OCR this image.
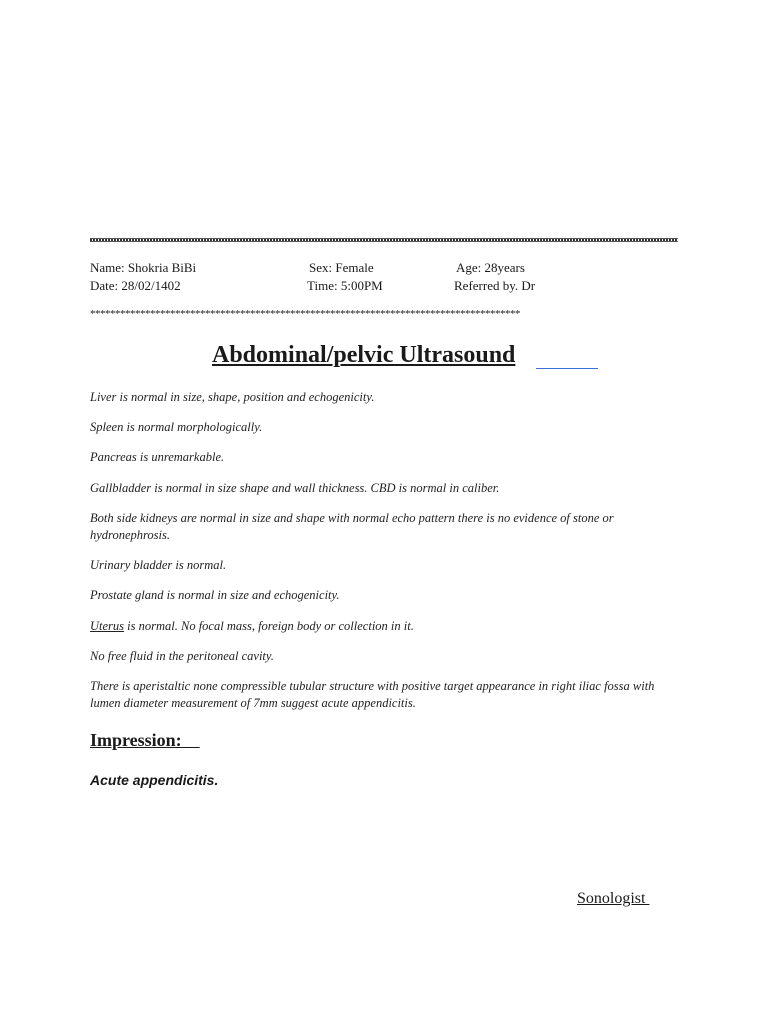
Name: Shokria BiBi	Sex: Female	Age: 28years
Date: 28/02/1402	Time: 5:00PM	Referred by. Dr
**************************************************************************************
Abdominal/pelvic Ultrasound
Liver is normal in size, shape, position and echogenicity.
Spleen is normal morphologically.
Pancreas is unremarkable.
Gallbladder is normal in size shape and wall thickness. CBD is normal in caliber.
Both side kidneys are normal in size and shape with normal echo pattern there is no evidence of stone or hydronephrosis.
Urinary bladder is normal.
Prostate gland is normal in size and echogenicity.
Uterus is normal. No focal mass, foreign body or collection in it.
No free fluid in the peritoneal cavity.
There is aperistaltic none compressible tubular structure with positive target appearance in right iliac fossa with lumen diameter measurement of 7mm suggest acute appendicitis.
Impression:
Acute appendicitis.
Sonologist
